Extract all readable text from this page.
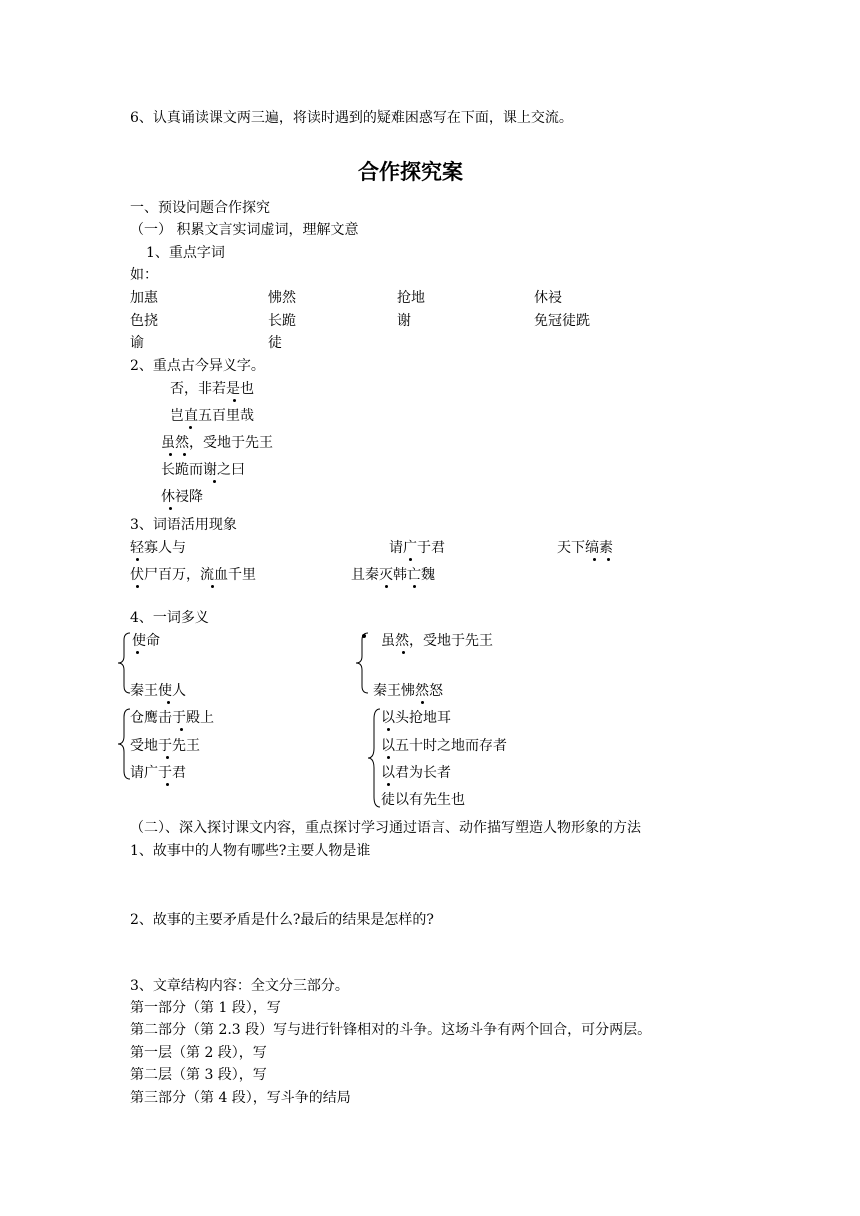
6、认真诵读课文两三遍，将读时遇到的疑难困惑写在下面，课上交流。
合作探究案
一、预设问题合作探究
（一） 积累文言实词虚词，理解文意
1、重点字词
如：
加惠	怫然	抢地	休祲
色挠	长跪	谢	免冠徒跣
谕	徒
2、重点古今异义字。
否，非若是也
岂直五百里哉
虽然，受地于先王
长跪而谢之曰
休祲降
3、词语活用现象
轻寡人与	请广于君	天下缟素
伏尸百万，流血千里	且秦灭韩亡魏
4、一词多义
使命
秦王使人
虽然，受地于先王
秦王怫然怒
仓鹰击于殿上
受地于先王
请广于君
以头抢地耳
以五十时之地而存者
以君为长者
徒以有先生也
（二）、深入探讨课文内容，重点探讨学习通过语言、动作描写塑造人物形象的方法
1、故事中的人物有哪些?主要人物是谁
2、故事的主要矛盾是什么?最后的结果是怎样的?
3、文章结构内容：全文分三部分。
第一部分（第 1 段），写
第二部分（第 2.3 段）写与进行针锋相对的斗争。这场斗争有两个回合，可分两层。
第一层（第 2 段），写
第二层（第 3 段），写
第三部分（第 4 段），写斗争的结局
